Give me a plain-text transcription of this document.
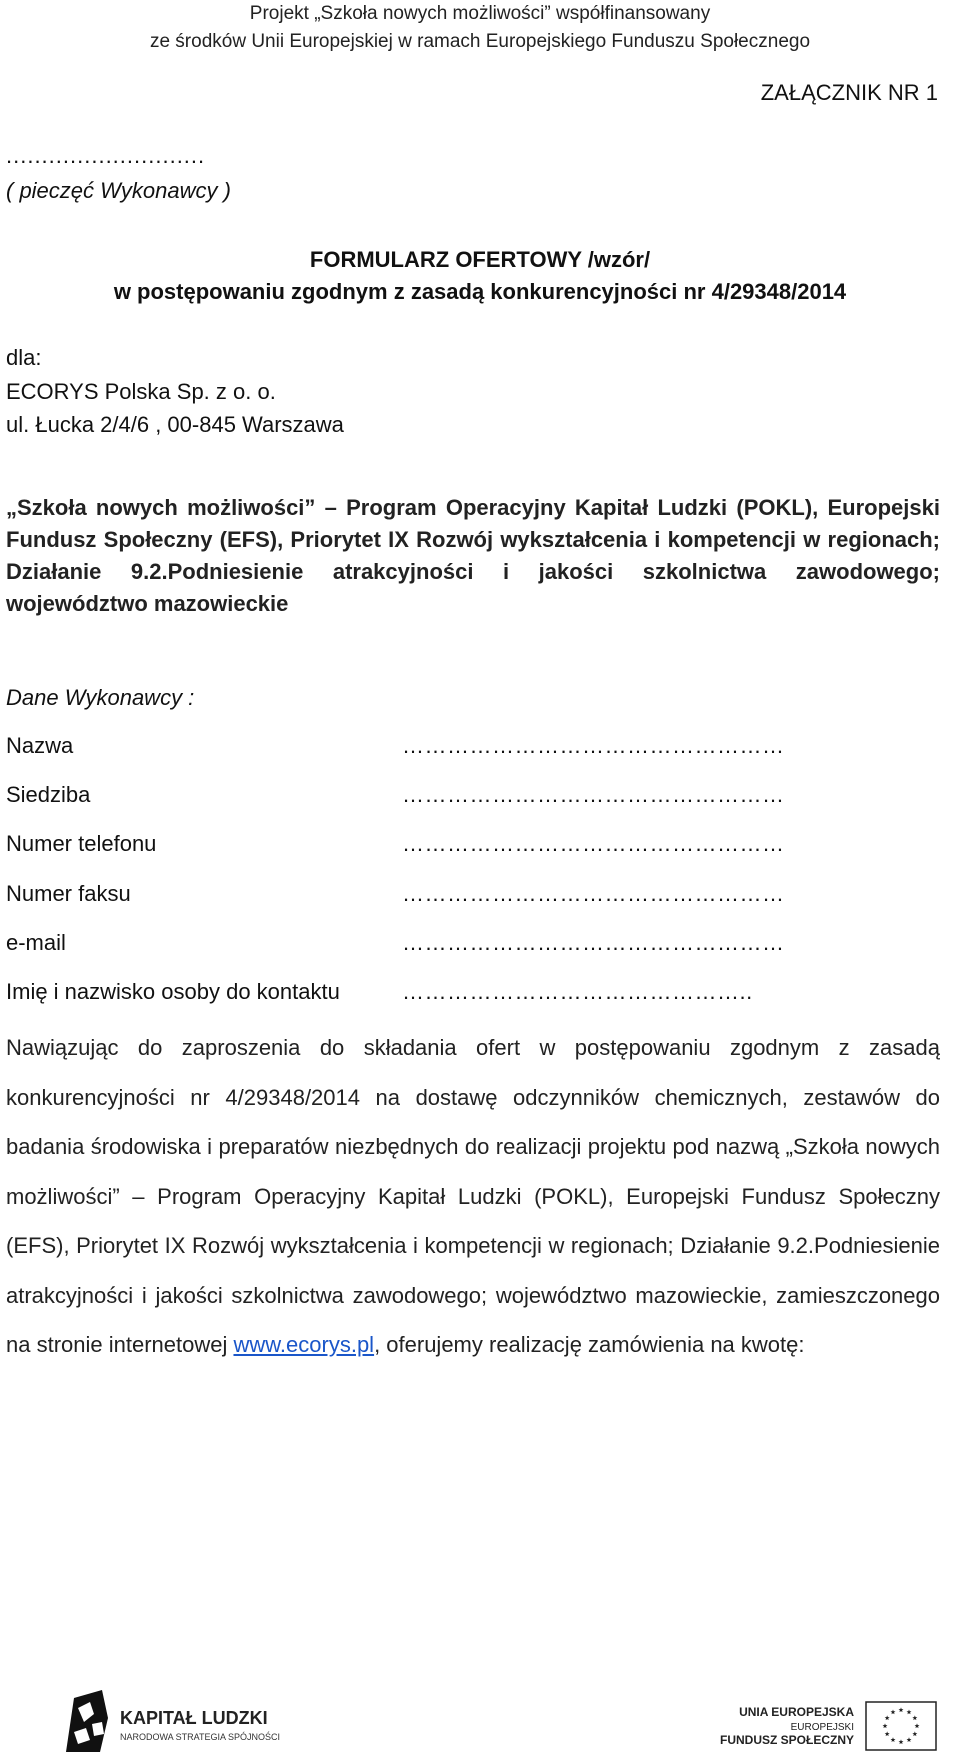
Projekt „Szkoła nowych możliwości” współfinansowany
ze środków Unii Europejskiej w ramach Europejskiego Funduszu Społecznego
ZAŁĄCZNIK NR 1
............................
( pieczęć Wykonawcy )
FORMULARZ OFERTOWY /wzór/
w postępowaniu zgodnym z zasadą konkurencyjności nr 4/29348/2014
dla:
ECORYS Polska Sp. z o. o.
ul. Łucka 2/4/6 , 00-845 Warszawa
„Szkoła nowych możliwości” – Program Operacyjny Kapitał Ludzki (POKL), Europejski Fundusz Społeczny (EFS), Priorytet IX Rozwój wykształcenia i kompetencji w regionach; Działanie 9.2.Podniesienie atrakcyjności i jakości szkolnictwa zawodowego; województwo mazowieckie
Dane Wykonawcy :
Nazwa	……………………………………………
Siedziba	……………………………………………
Numer telefonu	……………………………………………
Numer faksu	……………………………………………
e-mail	……………………………………………
Imię i nazwisko osoby do kontaktu	………………………………………..
Nawiązując do zaproszenia do składania ofert w postępowaniu zgodnym z zasadą konkurencyjności nr 4/29348/2014 na dostawę odczynników chemicznych, zestawów do badania środowiska i preparatów niezbędnych do realizacji projektu pod nazwą „Szkoła nowych możliwości” – Program Operacyjny Kapitał Ludzki (POKL), Europejski Fundusz Społeczny (EFS), Priorytet IX Rozwój wykształcenia i kompetencji w regionach; Działanie 9.2.Podniesienie atrakcyjności i jakości szkolnictwa zawodowego; województwo mazowieckie, zamieszczonego na stronie internetowej www.ecorys.pl, oferujemy realizację zamówienia na kwotę:
KAPITAŁ LUDZKI
NARODOWA STRATEGIA SPÓJNOŚCI
UNIA EUROPEJSKA
EUROPEJSKI
FUNDUSZ SPOŁECZNY
